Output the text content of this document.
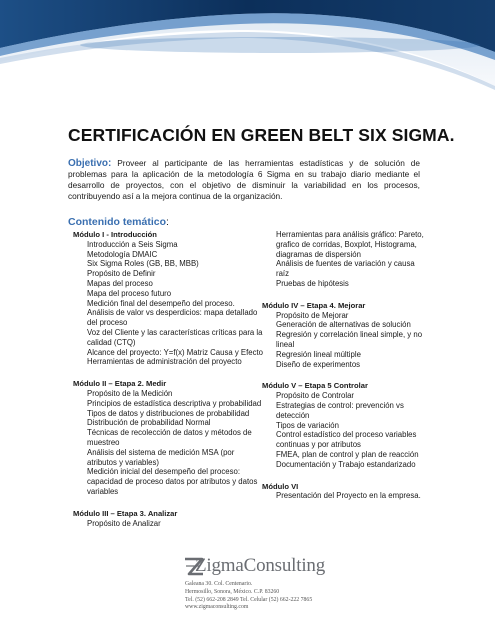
CERTIFICACIÓN EN GREEN BELT SIX SIGMA.
Objetivo: Proveer al participante de las herramientas estadísticas y de solución de problemas para la aplicación de la metodología 6 Sigma en su trabajo diario mediante el desarrollo de proyectos, con el objetivo de disminuir la variabilidad en los procesos, contribuyendo así a la mejora continua de la organización.
Contenido temático:
Módulo I - Introducción
Introducción a Seis Sigma
Metodología DMAIC
Six Sigma Roles (GB, BB, MBB)
Propósito de Definir
Mapas del proceso
Mapa del proceso futuro
Medición final del desempeño del proceso.
Análisis de valor vs desperdicios: mapa detallado del proceso
Voz del Cliente y las características críticas para la calidad (CTQ)
Alcance del proyecto: Y=f(x) Matriz Causa y Efecto
Herramientas de administración del proyecto
Módulo II – Etapa 2. Medir
Propósito de la Medición
Principios de estadística descriptiva y probabilidad
Tipos de datos y distribuciones de probabilidad
Distribución de probabilidad Normal
Técnicas de recolección de datos y métodos de muestreo
Análisis del sistema de medición MSA (por atributos y variables)
Medición inicial del desempeño del proceso: capacidad de proceso datos por atributos y datos variables
Módulo III – Etapa 3. Analizar
Propósito de Analizar
Herramientas para análisis gráfico: Pareto, grafico de corridas, Boxplot, Histograma, diagramas de dispersión
Análisis de fuentes de variación y causa raíz
Pruebas de hipótesis
Módulo IV – Etapa 4. Mejorar
Propósito de Mejorar
Generación de alternativas de solución
Regresión y correlación lineal simple, y no lineal
Regresión lineal múltiple
Diseño de experimentos
Módulo V – Etapa 5 Controlar
Propósito de Controlar
Estrategias de control: prevención vs detección
Tipos de variación
Control estadístico del proceso variables continuas y por atributos
FMEA, plan de control y plan de reacción
Documentación y Trabajo estandarizado
Módulo VI
Presentación del Proyecto en la empresa.
ZigmaConsulting
Galeana 30. Col. Centenario.
Hermosillo, Sonora, México. C.P. 83260
Tel. (52) 662-208 2849 Tel. Celular (52) 662-222 7865
www.zigmaconsulting.com
